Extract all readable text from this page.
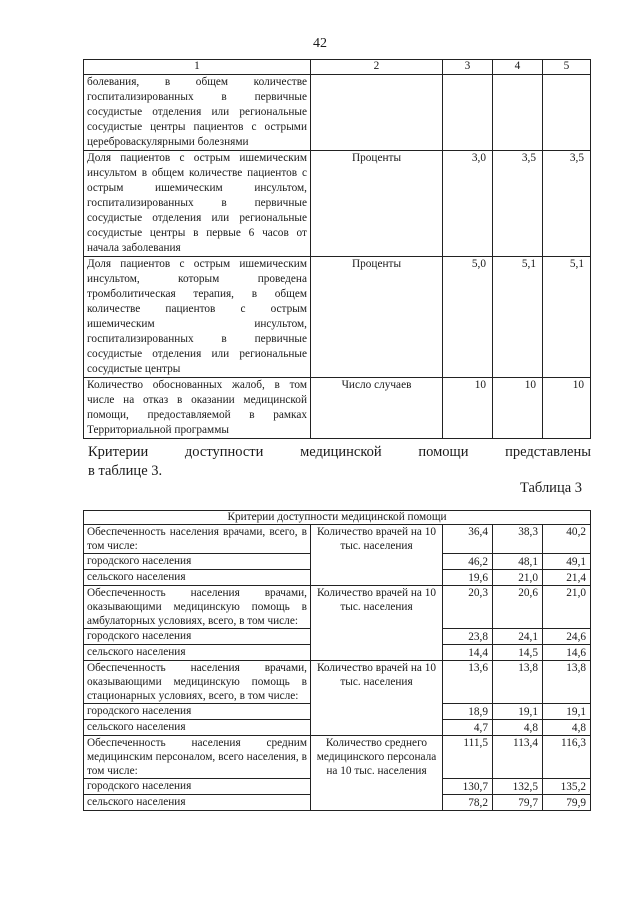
42
1	2	3	4	5
болевания, в общем количестве госпитализированных в первичные сосудистые отделения или региональные сосудистые центры пациентов с острыми цереброваскулярными болезнями				
Доля пациентов с острым ишемическим инсультом в общем количестве пациентов с острым ишемическим инсультом, госпитализированных в первичные сосудистые отделения или региональные сосудистые центры в первые 6 часов от начала заболевания	Проценты	3,0	3,5	3,5
Доля пациентов с острым ишемическим инсультом, которым проведена тромболитическая терапия, в общем количестве пациентов с острым ишемическим инсультом, госпитализированных в первичные сосудистые отделения или региональные сосудистые центры	Проценты	5,0	5,1	5,1
Количество обоснованных жалоб, в том числе на отказ в оказании медицинской помощи, предоставляемой в рамках Территориальной программы	Число случаев	10	10	10
Критерии доступности медицинской помощи представлены
в таблице 3.
Таблица 3
Критерии доступности медицинской помощи				
Обеспеченность населения врачами, всего, в том числе:	Количество врачей на 10 тыс. населения	36,4	38,3	40,2
городского населения		46,2	48,1	49,1
сельского населения		19,6	21,0	21,4
Обеспеченность населения врачами, оказывающими медицинскую помощь в амбулаторных условиях, всего, в том числе:	Количество врачей на 10 тыс. населения	20,3	20,6	21,0
городского населения		23,8	24,1	24,6
сельского населения		14,4	14,5	14,6
Обеспеченность населения врачами, оказывающими медицинскую помощь в стационарных условиях, всего, в том числе:	Количество врачей на 10 тыс. населения	13,6	13,8	13,8
городского населения		18,9	19,1	19,1
сельского населения		4,7	4,8	4,8
Обеспеченность населения средним медицинским персоналом, всего населения, в том числе:	Количество среднего медицинского персонала на 10 тыс. населения	111,5	113,4	116,3
городского населения		130,7	132,5	135,2
сельского населения		78,2	79,7	79,9
